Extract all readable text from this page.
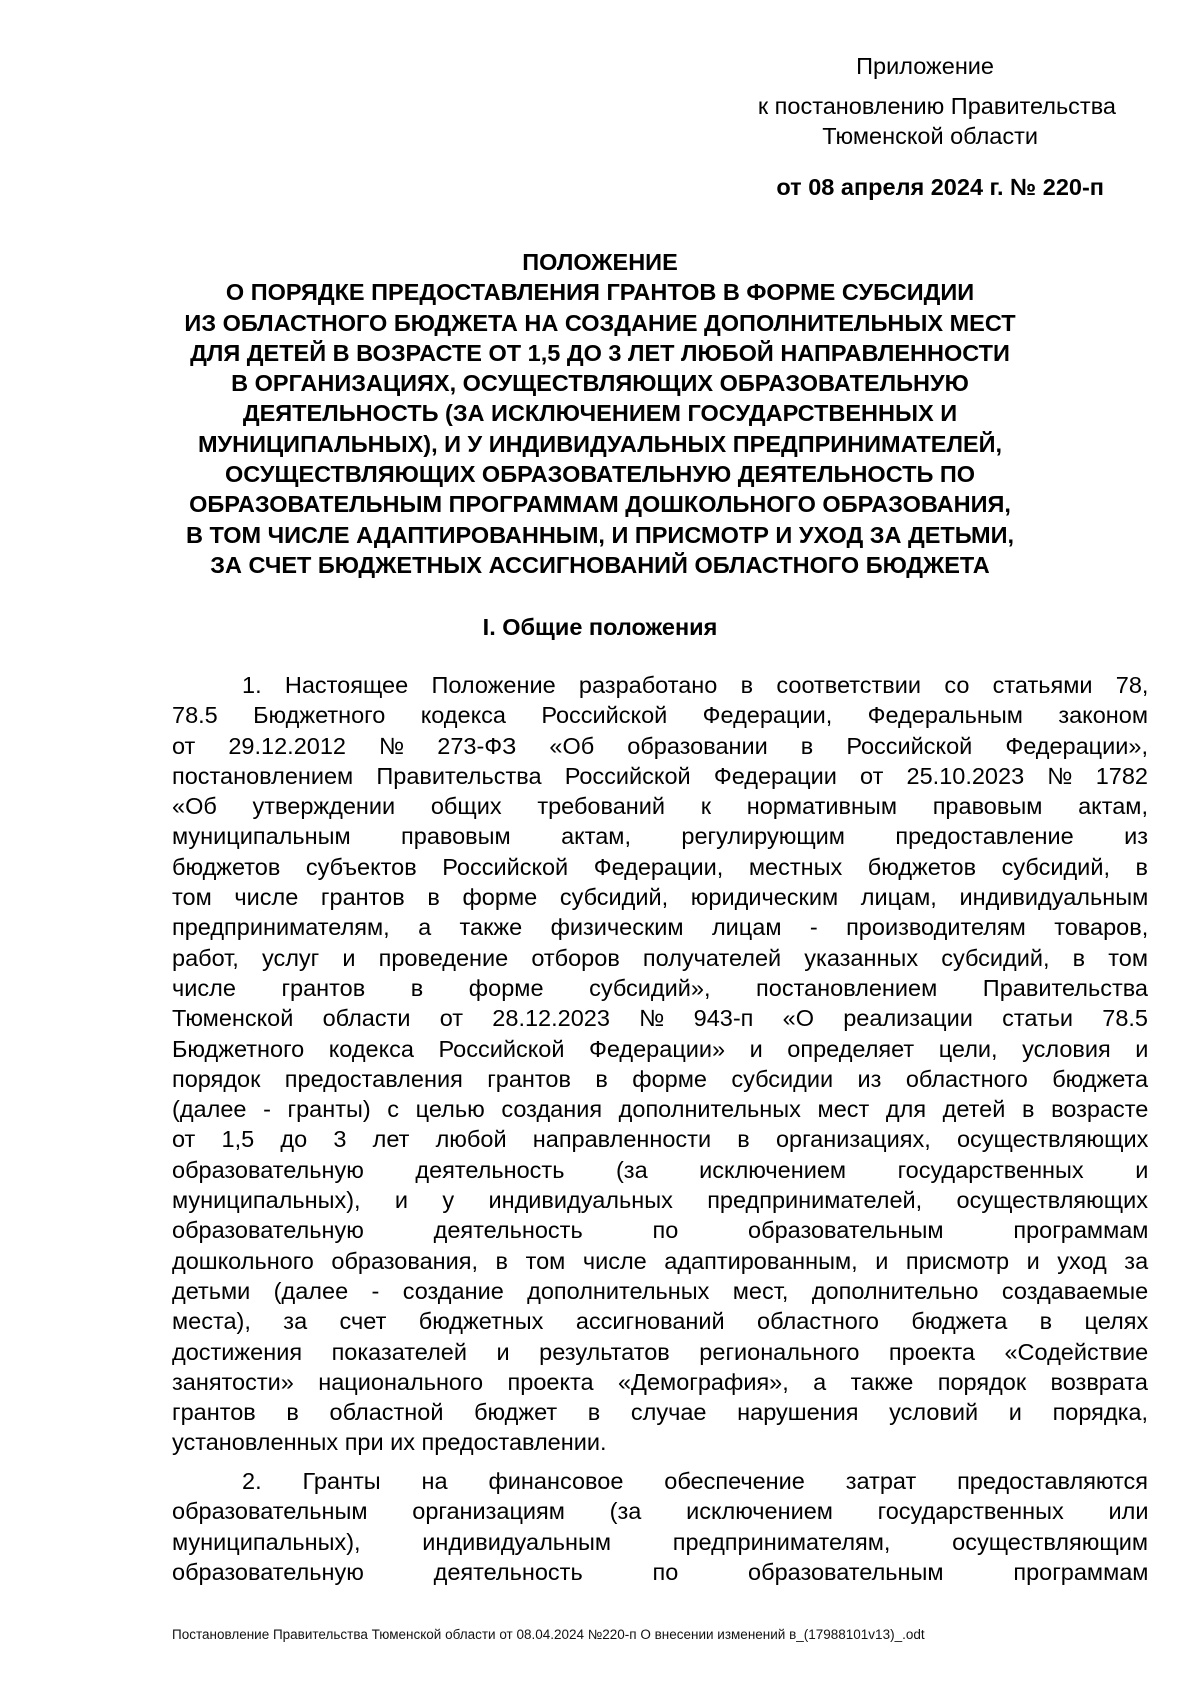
Приложение
к постановлению Правительства
Тюменской области
от 08 апреля 2024 г. № 220-п
ПОЛОЖЕНИЕ
О ПОРЯДКЕ ПРЕДОСТАВЛЕНИЯ ГРАНТОВ В ФОРМЕ СУБСИДИИ
ИЗ ОБЛАСТНОГО БЮДЖЕТА НА СОЗДАНИЕ ДОПОЛНИТЕЛЬНЫХ МЕСТ
ДЛЯ ДЕТЕЙ В ВОЗРАСТЕ ОТ 1,5 ДО 3 ЛЕТ ЛЮБОЙ НАПРАВЛЕННОСТИ
В ОРГАНИЗАЦИЯХ, ОСУЩЕСТВЛЯЮЩИХ ОБРАЗОВАТЕЛЬНУЮ
ДЕЯТЕЛЬНОСТЬ (ЗА ИСКЛЮЧЕНИЕМ ГОСУДАРСТВЕННЫХ И
МУНИЦИПАЛЬНЫХ), И У ИНДИВИДУАЛЬНЫХ ПРЕДПРИНИМАТЕЛЕЙ,
ОСУЩЕСТВЛЯЮЩИХ ОБРАЗОВАТЕЛЬНУЮ ДЕЯТЕЛЬНОСТЬ ПО
ОБРАЗОВАТЕЛЬНЫМ ПРОГРАММАМ ДОШКОЛЬНОГО ОБРАЗОВАНИЯ,
В ТОМ ЧИСЛЕ АДАПТИРОВАННЫМ, И ПРИСМОТР И УХОД ЗА ДЕТЬМИ,
ЗА СЧЕТ БЮДЖЕТНЫХ АССИГНОВАНИЙ ОБЛАСТНОГО БЮДЖЕТА
I. Общие положения

1. Настоящее Положение разработано в соответствии со статьями 78,
78.5 Бюджетного кодекса Российской Федерации, Федеральным законом
от 29.12.2012 № 273-ФЗ «Об образовании в Российской Федерации»,
постановлением Правительства Российской Федерации от 25.10.2023 № 1782
«Об утверждении общих требований к нормативным правовым актам,
муниципальным правовым актам, регулирующим предоставление из
бюджетов субъектов Российской Федерации, местных бюджетов субсидий, в
том числе грантов в форме субсидий, юридическим лицам, индивидуальным
предпринимателям, а также физическим лицам - производителям товаров,
работ, услуг и проведение отборов получателей указанных субсидий, в том
числе грантов в форме субсидий», постановлением Правительства
Тюменской области от 28.12.2023 № 943-п «О реализации статьи 78.5
Бюджетного кодекса Российской Федерации» и определяет цели, условия и
порядок предоставления грантов в форме субсидии из областного бюджета
(далее - гранты) с целью создания дополнительных мест для детей в возрасте
от 1,5 до 3 лет любой направленности в организациях, осуществляющих
образовательную деятельность (за исключением государственных и
муниципальных), и у индивидуальных предпринимателей, осуществляющих
образовательную деятельность по образовательным программам
дошкольного образования, в том числе адаптированным, и присмотр и уход за
детьми (далее - создание дополнительных мест, дополнительно создаваемые
места), за счет бюджетных ассигнований областного бюджета в целях
достижения показателей и результатов регионального проекта «Содействие
занятости» национального проекта «Демография», а также порядок возврата
грантов в областной бюджет в случае нарушения условий и порядка,
установленных при их предоставлении.

2. Гранты на финансовое обеспечение затрат предоставляются
образовательным организациям (за исключением государственных или
муниципальных), индивидуальным предпринимателям, осуществляющим
образовательную деятельность по образовательным программам

Постановление Правительства Тюменской области от 08.04.2024 №220-п О внесении изменений в_(17988101v13)_.odt
